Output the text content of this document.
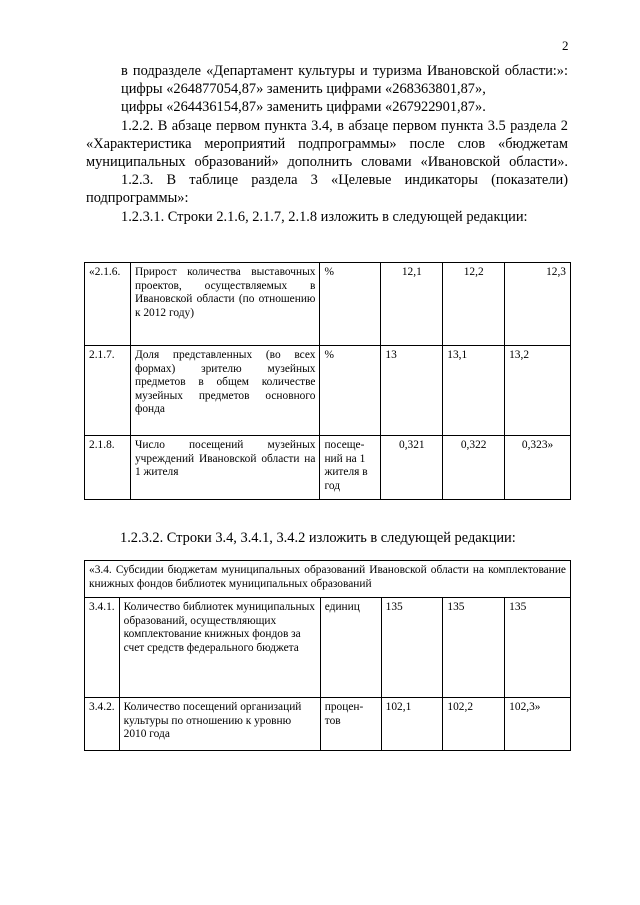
2

в подразделе «Департамент культуры и туризма Ивановской области:»:

цифры «264877054,87» заменить цифрами «268363801,87»,

цифры «264436154,87» заменить цифрами «267922901,87».

1.2.2. В абзаце первом пункта 3.4, в абзаце первом пункта 3.5 раздела 2 «Характеристика мероприятий подпрограммы» после слов «бюджетам муниципальных образований» дополнить словами «Ивановской области».

1.2.3. В таблице раздела 3 «Целевые индикаторы (показатели) подпрограммы»:

1.2.3.1. Строки 2.1.6, 2.1.7, 2.1.8 изложить в следующей редакции:

«2.1.6.	Прирост количества выставочных проектов, осуществляемых в Ивановской области (по отношению к 2012 году)	%	12,1	12,2	12,3
2.1.7.	Доля представленных (во всех формах) зрителю музейных предметов в общем количестве музейных предметов основного фонда	%	13	13,1	13,2
2.1.8.	Число посещений музейных учреждений Ивановской области на 1 жителя	посеще- ний на 1 жителя в год	0,321	0,322	0,323»
1.2.3.2. Строки 3.4, 3.4.1, 3.4.2 изложить в следующей редакции:
«3.4. Субсидии бюджетам муниципальных образований Ивановской области на комплектование книжных фондов библиотек муниципальных образований					
3.4.1.	Количество библиотек муниципальных образований, осуществляющих комплектование книжных фондов за счет средств федерального бюджета	единиц	135	135	135
3.4.2.	Количество посещений организаций культуры по отношению к уровню 2010 года	процен- тов	102,1	102,2	102,3»
